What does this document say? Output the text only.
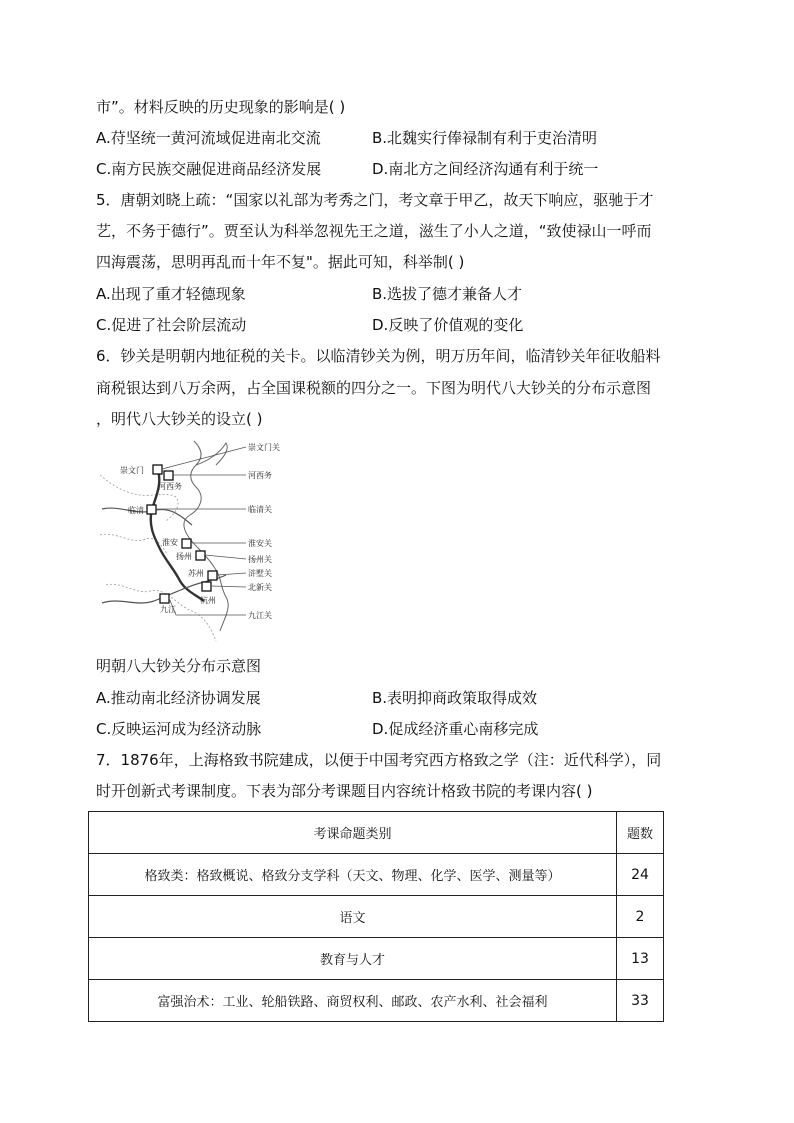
市”。材料反映的历史现象的影响是( )
A.苻坚统一黄河流域促进南北交流	B.北魏实行俸禄制有利于吏治清明
C.南方民族交融促进商品经济发展	D.南北方之间经济沟通有利于统一
5．唐朝刘晓上疏：“国家以礼部为考秀之门，考文章于甲乙，故天下响应，驱驰于才
艺，不务于德行”。贾至认为科举忽视先王之道，滋生了小人之道，“致使禄山一呼而
四海震荡，思明再乱而十年不复"。据此可知，科举制( )
A.出现了重才轻德现象	B.选拔了德才兼备人才
C.促进了社会阶层流动	D.反映了价值观的变化
6．钞关是明朝内地征税的关卡。以临清钞关为例，明万历年间，临清钞关年征收船料
商税银达到八万余两，占全国课税额的四分之一。下图为明代八大钞关的分布示意图
，明代八大钞关的设立( )
崇文门
河西务
临清
淮安
扬州
苏州
杭州
九江
崇文门关
河西务
临清关
淮安关
扬州关
浒墅关
北新关
九江关
明朝八大钞关分布示意图
A.推动南北经济协调发展	B.表明抑商政策取得成效
C.反映运河成为经济动脉	D.促成经济重心南移完成
7．1876年，上海格致书院建成，以便于中国考究西方格致之学（注：近代科学），同
时开创新式考课制度。下表为部分考课题目内容统计格致书院的考课内容( )
考课命题类别	题数
格致类：格致概说、格致分支学科（天文、物理、化学、医学、测量等）	24
语文	2
教育与人才	13
富强治术：工业、轮船铁路、商贸权利、邮政、农产水利、社会福利	33
